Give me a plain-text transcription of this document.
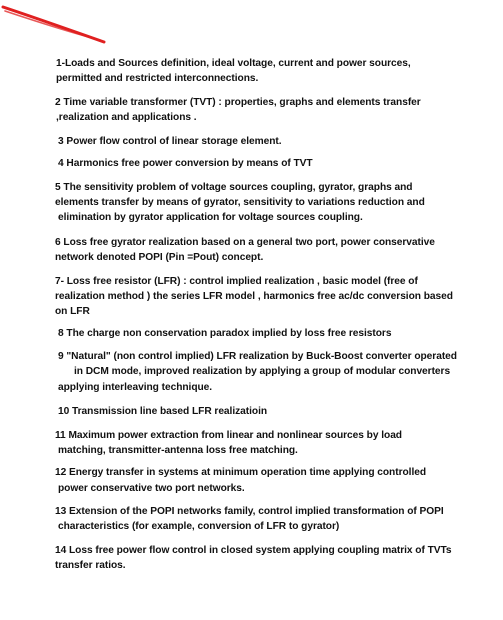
1-Loads and Sources definition, ideal voltage, current and power sources,
permitted and restricted interconnections.
2 Time variable transformer (TVT) : properties, graphs and elements transfer
,realization and applications .
3 Power flow control of linear storage element.
4 Harmonics free power conversion by means of TVT
5 The sensitivity problem of voltage sources coupling, gyrator, graphs and
elements transfer by means of gyrator, sensitivity to variations reduction and
elimination by gyrator application for voltage sources coupling.
6 Loss free gyrator realization based on a general two port, power conservative
network denoted POPI (Pin =Pout) concept.
7- Loss free resistor (LFR) : control implied realization , basic model (free of
realization method ) the series LFR model , harmonics free ac/dc conversion based
on LFR
8 The charge non conservation paradox implied by loss free resistors
9 "Natural" (non control implied) LFR realization by Buck-Boost converter operated
in DCM mode, improved realization by applying a group of modular converters
applying interleaving technique.
10 Transmission line based LFR realizatioin
11 Maximum power extraction from linear and nonlinear sources by load
matching, transmitter-antenna loss free matching.
12 Energy transfer in systems at minimum operation time applying controlled
power conservative two port networks.
13 Extension of the POPI networks family, control implied transformation of POPI
characteristics (for example, conversion of LFR to gyrator)
14 Loss free power flow control in closed system applying coupling matrix of TVTs
transfer ratios.
